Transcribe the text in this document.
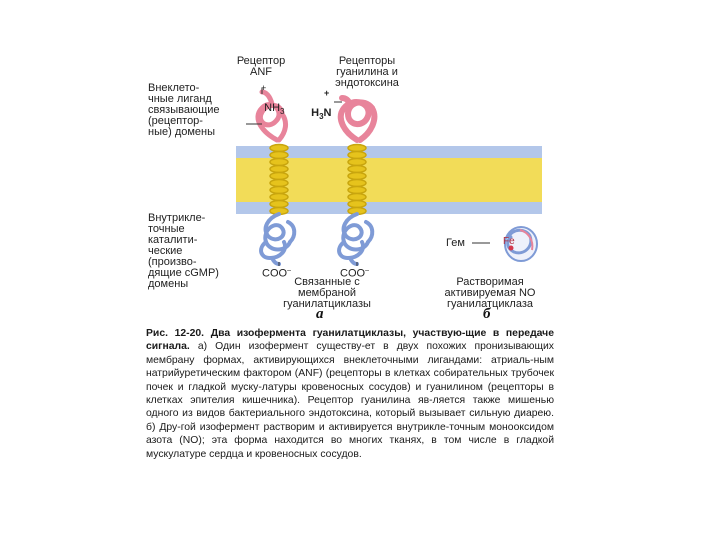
Рецептор
ANF
Рецепторы
гуанилина и
эндотоксина

+
$NH_3$	$H_3N$
+

Внеклето-
чные лиганд
связывающие
(рецептор-
ные) домены
Внутрикле-
точные
каталити-
ческие
(произво-
дящие cGMP)
домены
COO–	COO–
Связанные с
мембраной
гуанилатциклазы
Растворимая
активируемая NO
гуанилатциклаза
Гем	Fe
а	б
Рис. 12-20. Два изофермента гуанилатциклазы, участвую-щие в передаче сигнала. а) Один изофермент существу-ет в двух похожих пронизывающих мембрану формах, активирующихся внеклеточными лигандами: атриаль-ным натрийуретическим фактором (ANF) (рецепторы в клетках собирательных трубочек почек и гладкой муску-латуры кровеносных сосудов) и гуанилином (рецепторы в клетках эпителия кишечника). Рецептор гуанилина яв-ляется также мишенью одного из видов бактериального эндотоксина, который вызывает сильную диарею. б) Дру-гой изофермент растворим и активируется внутрикле-точным монооксидом азота (NO); эта форма находится во многих тканях, в том числе в гладкой мускулатуре сердца и кровеносных сосудов.
